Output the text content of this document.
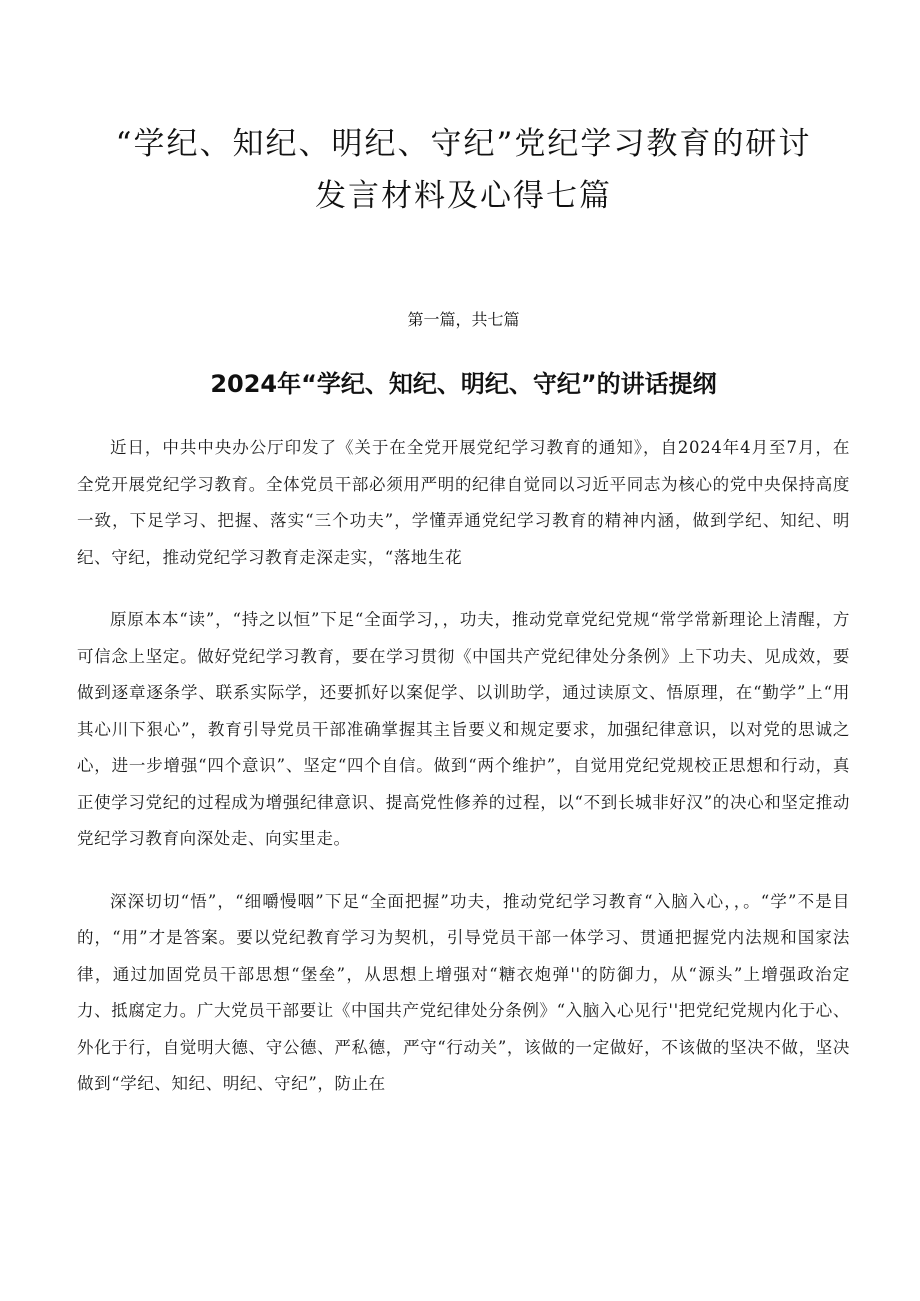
“学纪、知纪、明纪、守纪”党纪学习教育的研讨
发言材料及心得七篇
第一篇，共七篇
2024年“学纪、知纪、明纪、守纪”的讲话提纲

近日，中共中央办公厅印发了《关于在全党开展党纪学习教育的通知》，自2024年4月至7月，在全党开展党纪学习教育。全体党员干部必须用严明的纪律自觉同以习近平同志为核心的党中央保持高度一致，下足学习、把握、落实“三个功夫”，学懂弄通党纪学习教育的精神内涵，做到学纪、知纪、明纪、守纪，推动党纪学习教育走深走实，“落地生花

原原本本“读”，“持之以恒”下足“全面学习，，功夫，推动党章党纪党规“常学常新理论上清醒，方可信念上坚定。做好党纪学习教育，要在学习贯彻《中国共产党纪律处分条例》上下功夫、见成效，要做到逐章逐条学、联系实际学，还要抓好以案促学、以训助学，通过读原文、悟原理，在“勤学”上“用其心川下狠心”，教育引导党员干部准确掌握其主旨要义和规定要求，加强纪律意识，以对党的思诚之心，进一步增强“四个意识”、坚定“四个自信。做到“两个维护”，自觉用党纪党规校正思想和行动，真正使学习党纪的过程成为增强纪律意识、提高党性修养的过程，以“不到长城非好汉”的决心和坚定推动党纪学习教育向深处走、向实里走。

深深切切“悟”，“细嚼慢咽”下足“全面把握”功夫，推动党纪学习教育“入脑入心，，。“学”不是目的，“用”才是答案。要以党纪教育学习为契机，引导党员干部一体学习、贯通把握党内法规和国家法律，通过加固党员干部思想“堡垒”，从思想上增强对“糖衣炮弹''的防御力，从“源头”上增强政治定力、抵腐定力。广大党员干部要让《中国共产党纪律处分条例》“入脑入心见行''把党纪党规内化于心、外化于行，自觉明大德、守公德、严私德，严守“行动关”，该做的一定做好，不该做的坚决不做，坚决做到“学纪、知纪、明纪、守纪”，防止在
